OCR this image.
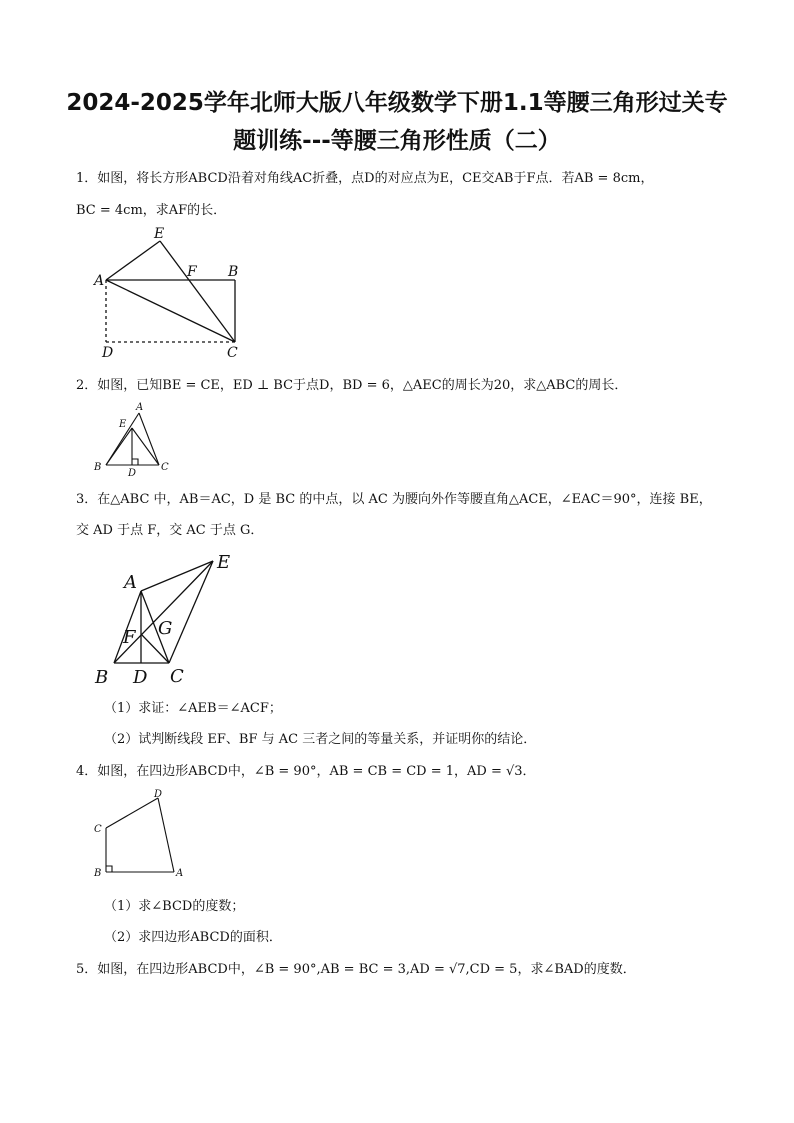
2024-2025学年北师大版八年级数学下册1.1等腰三角形过关专
题训练---等腰三角形性质（二）
1．如图，将长方形ABCD沿着对角线AC折叠，点D的对应点为E，CE交AB于F点．若AB = 8cm，
BC = 4cm，求AF的长．
E
A
F B
D	C
2．如图，已知BE = CE，ED ⊥ BC于点D，BD = 6，△AEC的周长为20，求△ABC的周长．
A
E
B
D
C
3．在△ABC 中，AB＝AC，D 是 BC 的中点，以 AC 为腰向外作等腰直角△ACE，∠EAC＝90°，连接 BE，
交 AD 于点 F，交 AC 于点 G．
A
E
F G
B D C
（1）求证：∠AEB＝∠ACF；
（2）试判断线段 EF、BF 与 AC 三者之间的等量关系，并证明你的结论．
4．如图，在四边形ABCD中，∠B = 90°，AB = CB = CD = 1，AD = √3．
D
C
B	A
（1）求∠BCD的度数；
（2）求四边形ABCD的面积．
5．如图，在四边形ABCD中，∠B = 90°,AB = BC = 3,AD = √7,CD = 5，求∠BAD的度数．
